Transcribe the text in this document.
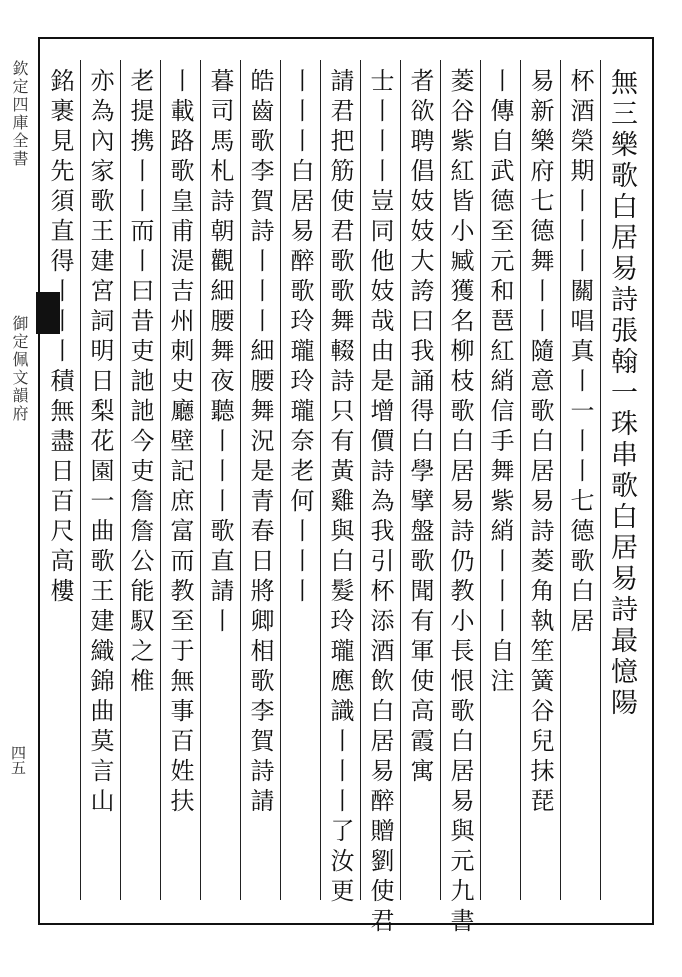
欽定四庫全書
御定佩文韻府
四五
無三樂歌白居易詩張翰一珠串歌白居易詩最憶陽
杯酒榮期丨丨丨關唱真丨一丨丨七德歌白居
易新樂府七德舞丨丨隨意歌白居易詩菱角執笙簧谷兒抹琵
丨傳自武德至元和琶紅綃信手舞紫綃丨丨丨自注
菱谷紫紅皆小臧獲名柳枝歌白居易詩仍教小長恨歌白居易與元九書
者欲聘倡妓妓大誇曰我誦得白學擘盤歌聞有軍使高霞寓
士丨丨丨豈同他妓哉由是增價詩為我引杯添酒飲白居易醉贈劉使君
請君把筋使君歌歌舞輟詩只有黃雞與白髮玲瓏應識丨丨丨了汝更
丨丨丨白居易醉歌玲瓏玲瓏奈老何丨丨丨
皓齒歌李賀詩丨丨丨細腰舞況是青春日將卿相歌李賀詩請
暮司馬札詩朝觀細腰舞夜聽丨丨丨歌直請丨
丨載路歌皇甫湜吉州刺史廳壁記庶富而教至于無事百姓扶
老提携丨丨而丨曰昔吏訑訑今吏詹詹公能馭之椎
亦為內家歌王建宮詞明日梨花園一曲歌王建織錦曲莫言山
銘裹見先須直得丨丨丨積無盡日百尺高樓
